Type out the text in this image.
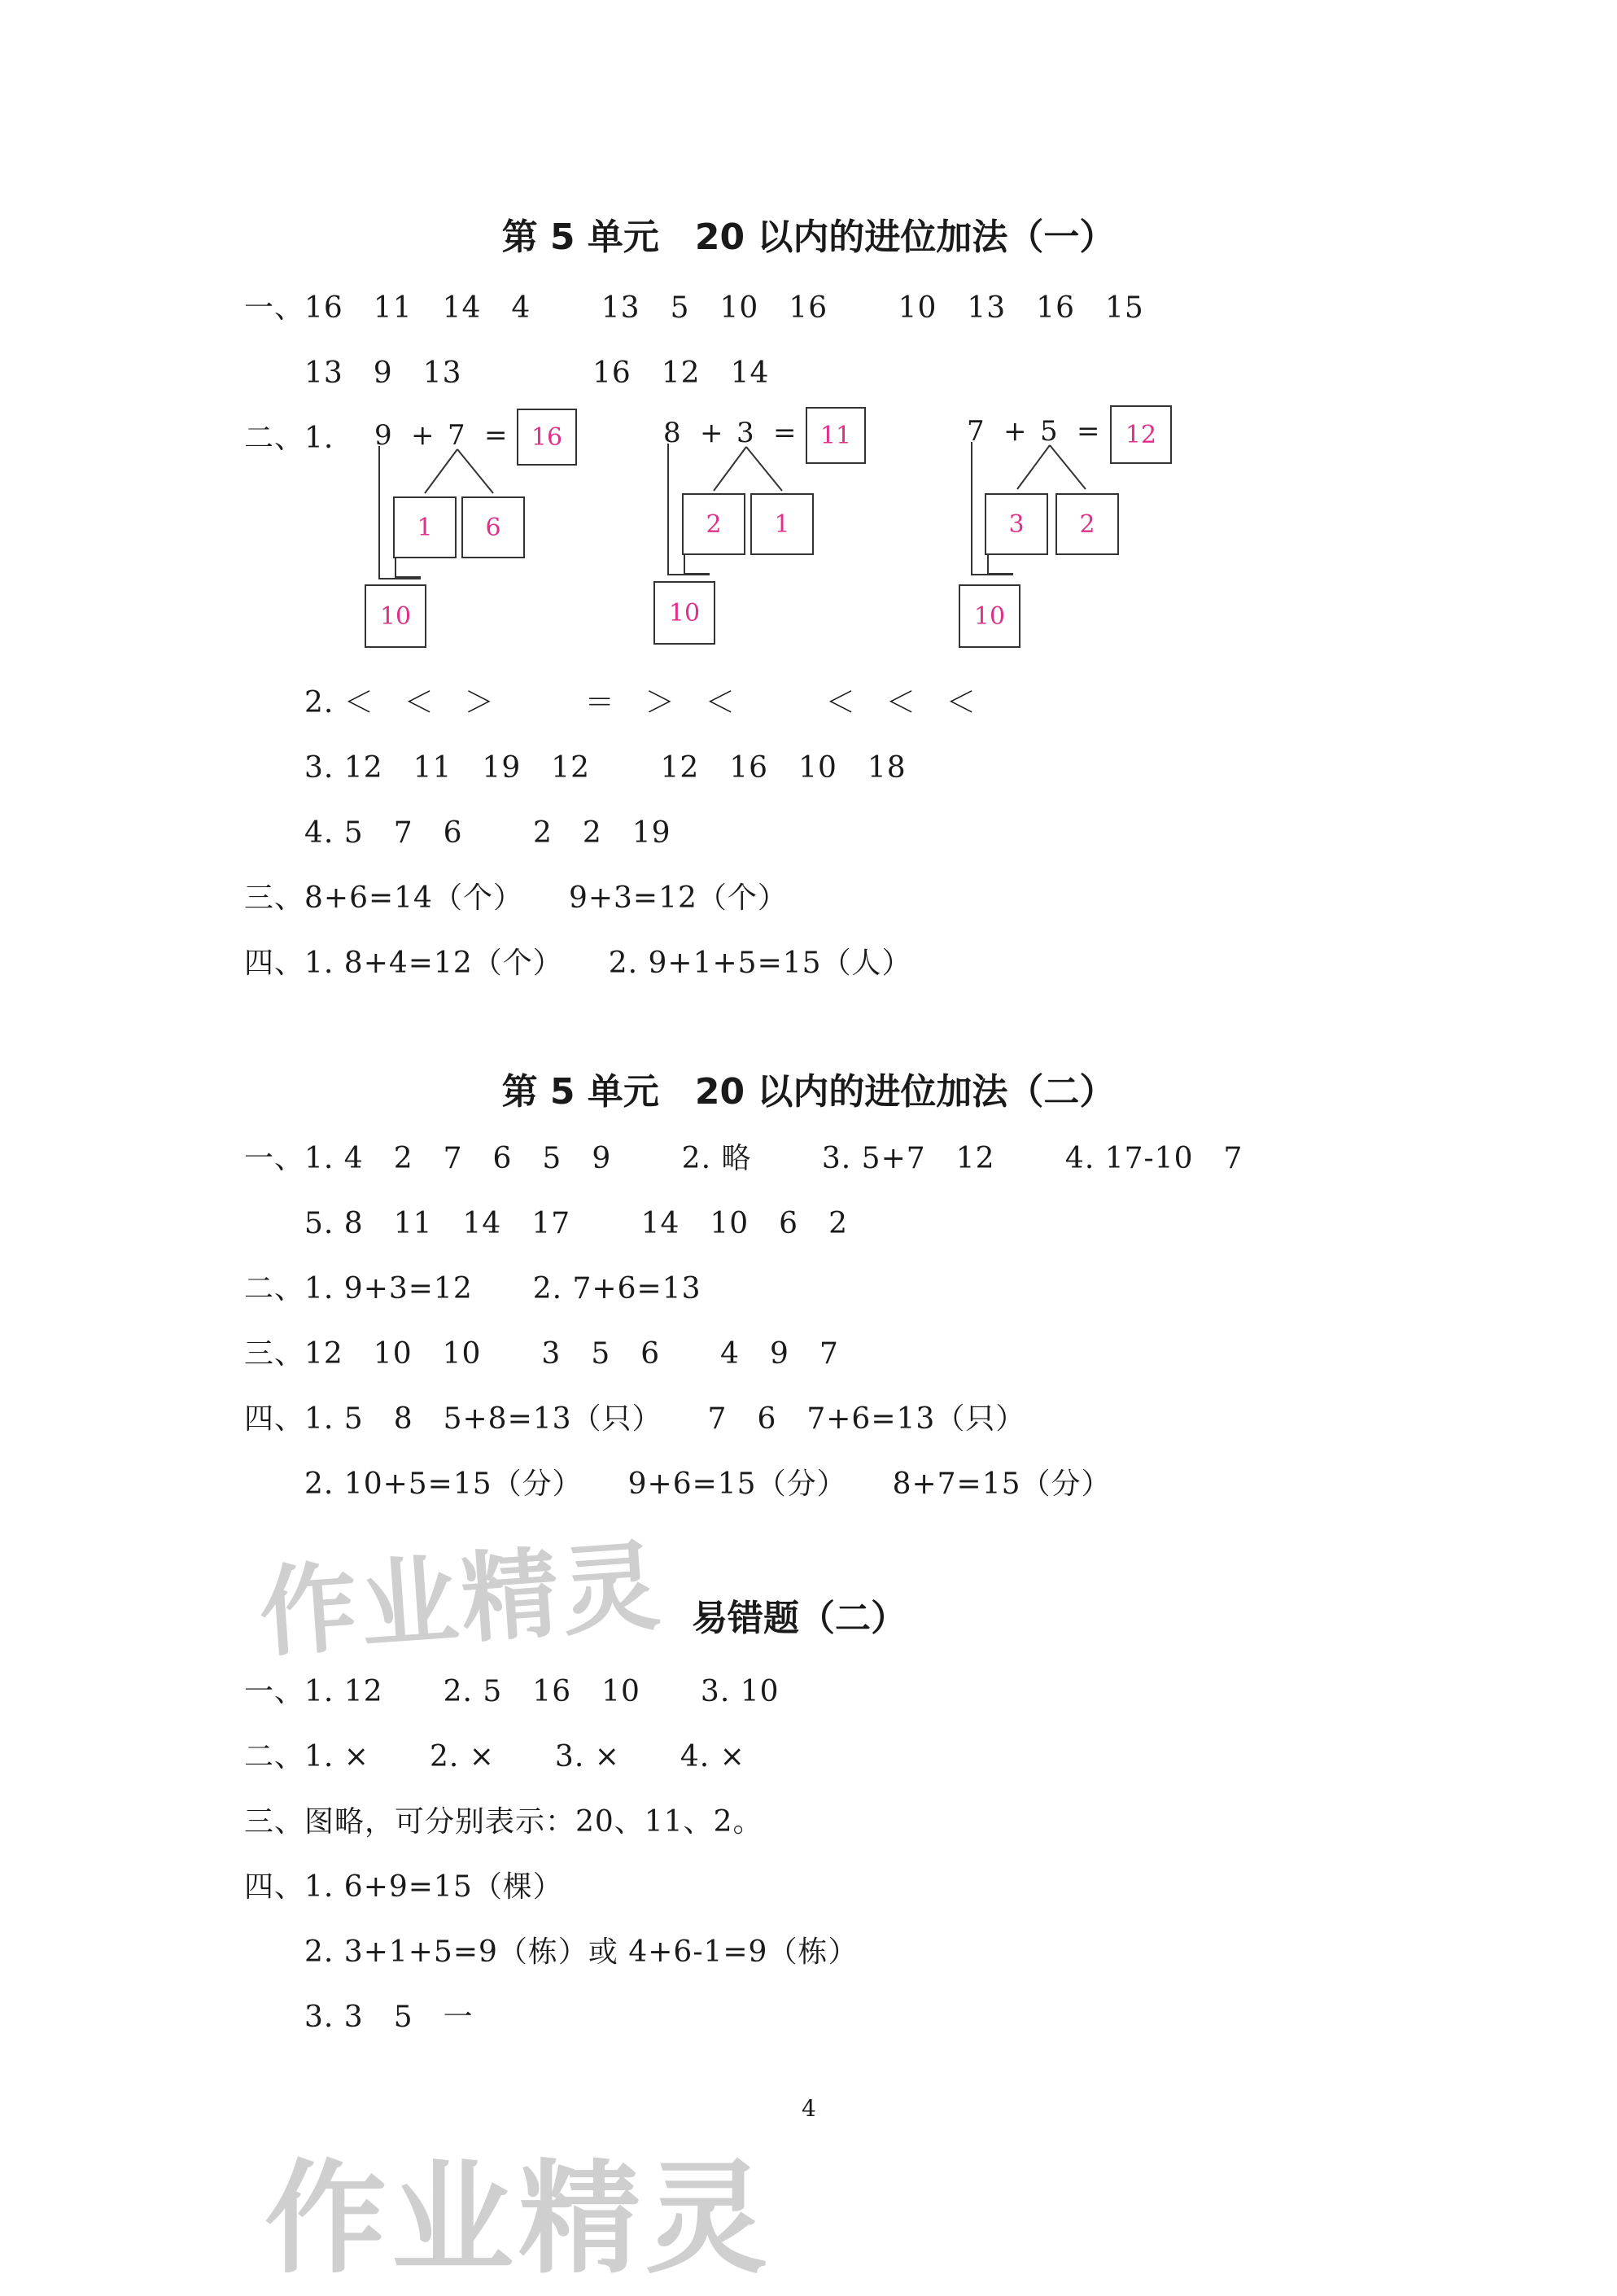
第 5 单元　20 以内的进位加法（一）
一、16　11　14　4　　 13　5　10　16　　 10　13　16　15
　　13　9　13　　　　 16　12　14
二、1. 9 + 7 = 16
1	6
10
8 + 3 = 11
2	1
10
7 + 5 =	12
3	2
10
　　2. ＜　＜　＞　　　＝　＞　＜　　　＜　＜　＜
　　3. 12　11　19　12　　 12　16　10　18
　　4. 5　7　6　　 2　2　19
三、8+6=14（个）　　9+3=12（个）
四、1. 8+4=12（个）　　2. 9+1+5=15（人）
第 5 单元　20 以内的进位加法（二）
一、1. 4　2　7　6　5　9　　 2. 略　　 3. 5+7　12　　 4. 17-10　7
　　5. 8　11　14　17　　 14　10　6　2
二、1. 9+3=12　　2. 7+6=13
三、12　10　10　　3　5　6　　4　9　7
四、1. 5　8　5+8=13（只）　　7　6　7+6=13（只）
　　2. 10+5=15（分）　　9+6=15（分）　　8+7=15（分）
作业精灵 易错题（二）
一、1. 12　　2. 5　16　10　　3. 10
二、1. ×　　2. ×　　3. ×　　4. ×
三、图略，可分别表示：20、11、2。
四、1. 6+9=15（棵）
　　2. 3+1+5=9（栋）或 4+6-1=9（栋）
　　3. 3　5　一
4
作业精灵
